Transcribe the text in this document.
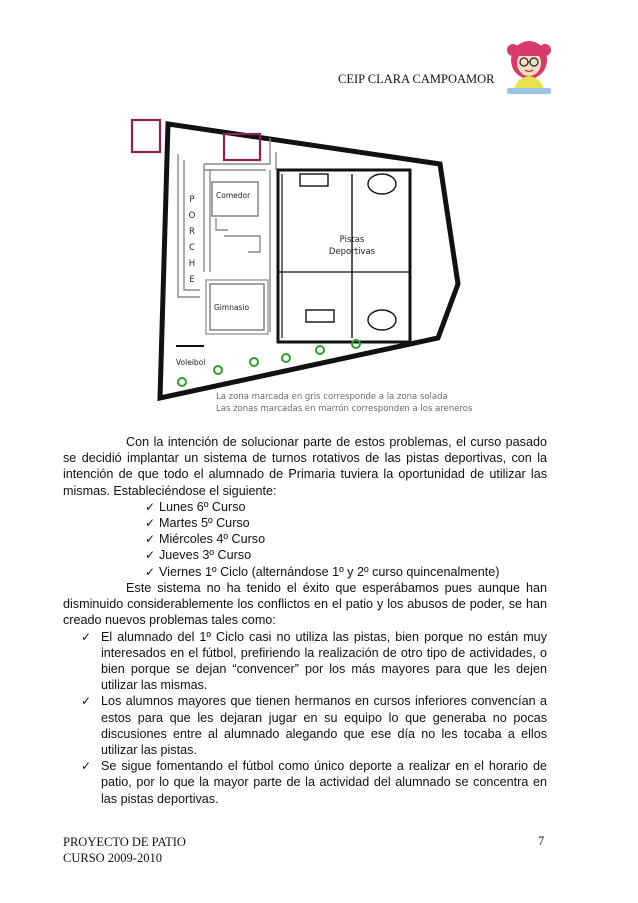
CEIP CLARA CAMPOAMOR
P
O
R
C
H
E
Comedor
Gimnasio
Pistas
Deportivas
Voleibol
La zona marcada en gris corresponde a la zona solada
Las zonas marcadas en marrón corresponden a los areneros

Con la intención de solucionar parte de estos problemas, el curso pasado se decidió implantar un sistema de turnos rotativos de las pistas deportivas, con la intención de que todo el alumnado de Primaria tuviera la oportunidad de utilizar las mismas. Estableciéndose el siguiente:

✓ Lunes 6º Curso
✓ Martes 5º Curso
✓ Miércoles 4º Curso
✓ Jueves 3º Curso
✓ Viernes 1º Ciclo (alternándose 1º y 2º curso quincenalmente)

Este sistema no ha tenido el éxito que esperábamos pues aunque han disminuido considerablemente los conflictos en el patio y los abusos de poder, se han creado nuevos problemas tales como:

✓ El alumnado del 1º Ciclo casi no utiliza las pistas, bien porque no están muy interesados en el fútbol, prefiriendo la realización de otro tipo de actividades, o bien porque se dejan “convencer” por los más mayores para que les dejen utilizar las mismas.
✓ Los alumnos mayores que tienen hermanos en cursos inferiores convencían a estos para que les dejaran jugar en su equipo lo que generaba no pocas discusiones entre al alumnado alegando que ese día no les tocaba a ellos utilizar las pistas.
✓ Se sigue fomentando el fútbol como único deporte a realizar en el horario de patio, por lo que la mayor parte de la actividad del alumnado se concentra en las pistas deportivas.
PROYECTO DE PATIO
CURSO 2009-2010
7
